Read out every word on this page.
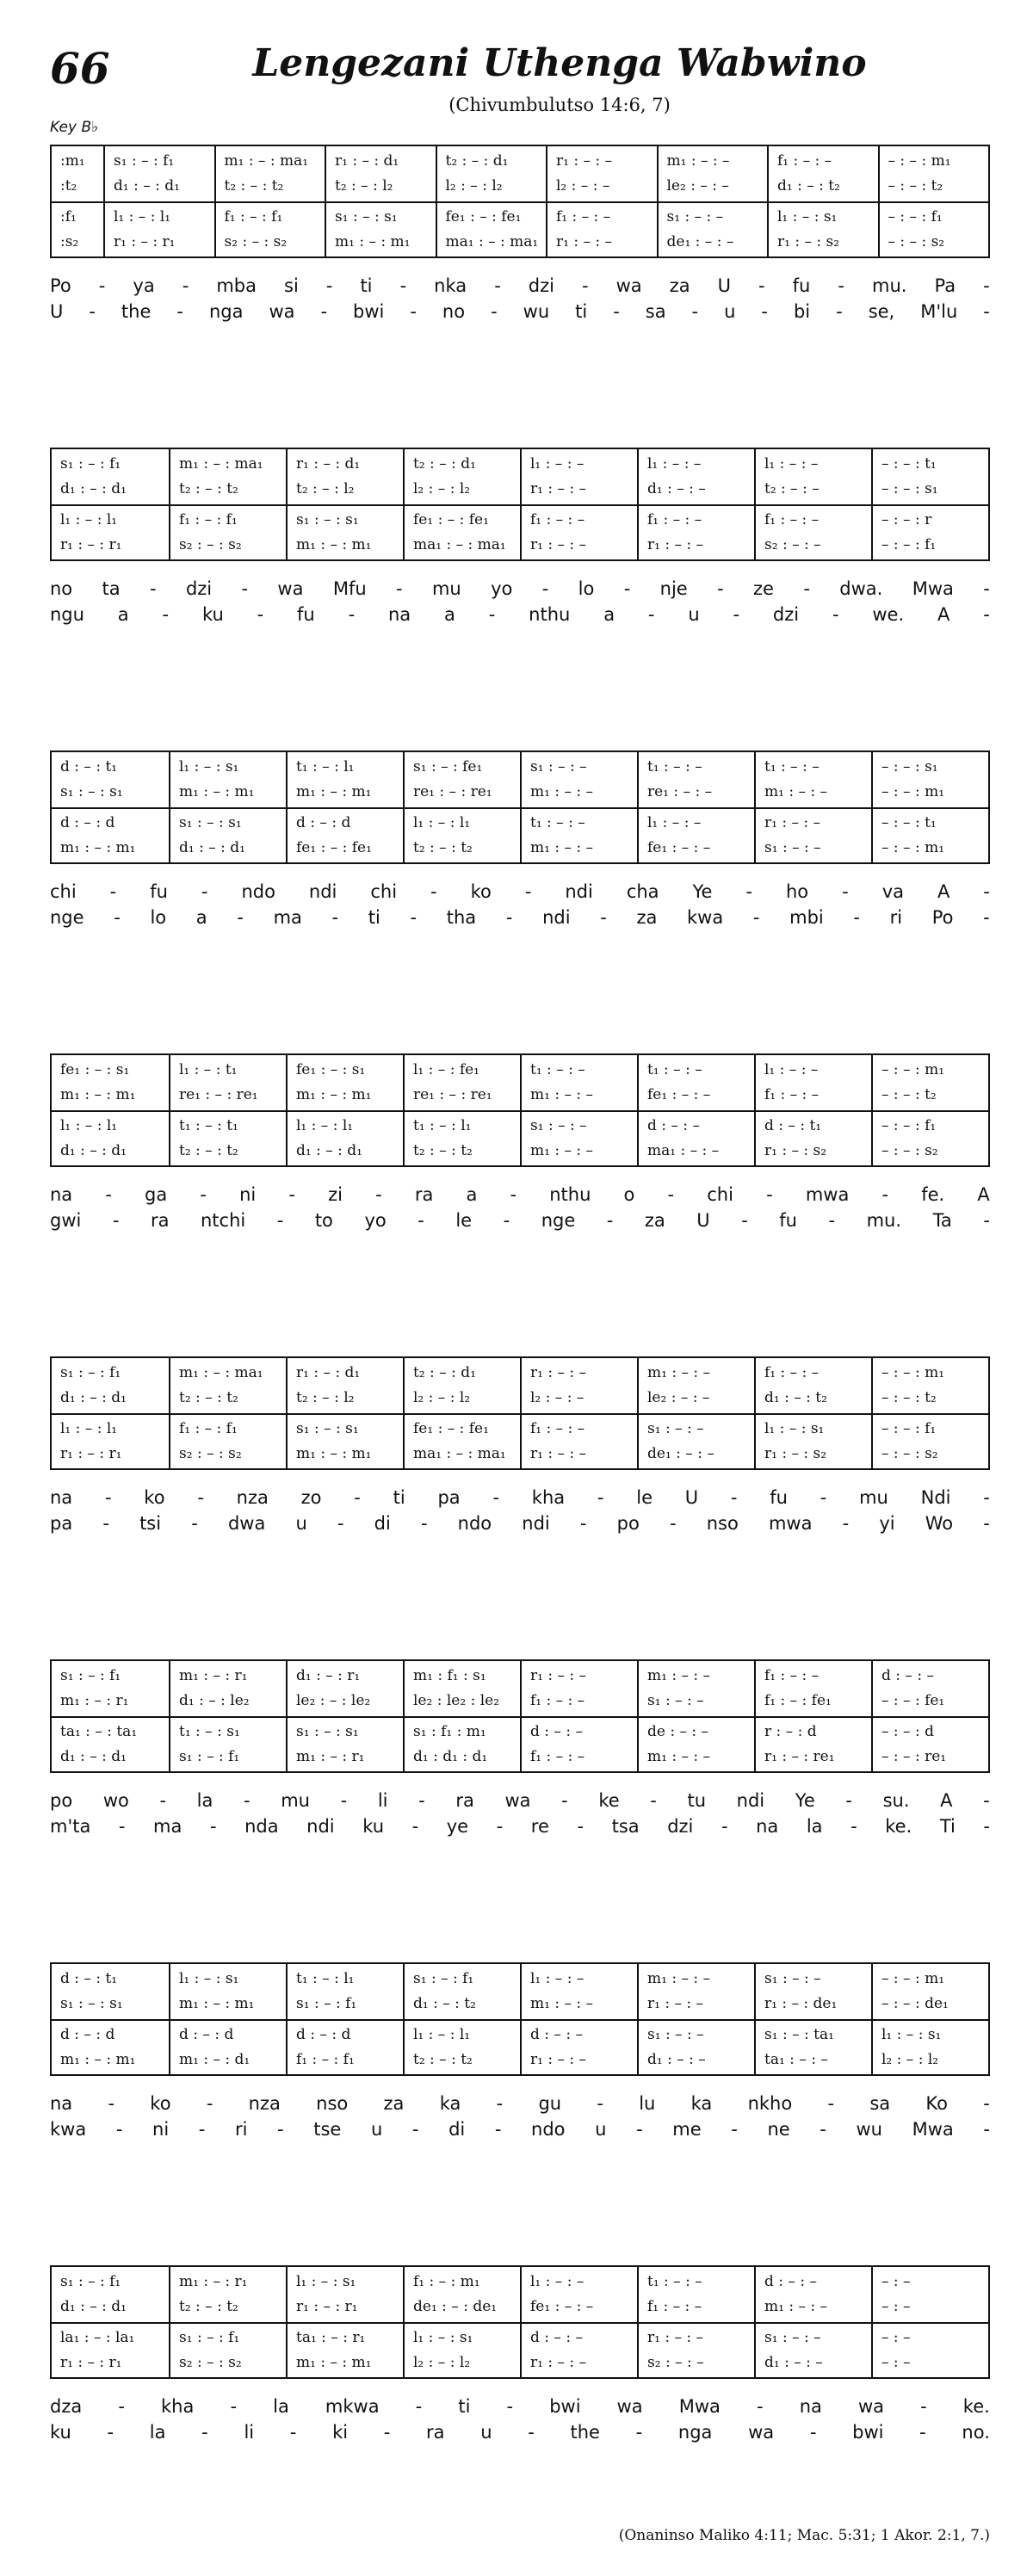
66	Lengezani Uthenga Wabwino
(Chivumbulutso 14:6, 7)
Key B♭
:m₁
:t₂
:f₁
:s₂
s₁ : – : f₁
d₁ : – : d₁
l₁ : – : l₁
r₁ : – : r₁
m₁ : – : ma₁
t₂ : – : t₂
f₁ : – : f₁
s₂ : – : s₂
r₁ : – : d₁
t₂ : – : l₂
s₁ : – : s₁
m₁ : – : m₁
t₂ : – : d₁
l₂ : – : l₂
fe₁ : – : fe₁
ma₁ : – : ma₁
r₁ : – : –
l₂ : – : –
f₁ : – : –
r₁ : – : –
m₁ : – : –
le₂ : – : –
s₁ : – : –
de₁ : – : –
f₁ : – : –
d₁ : – : t₂
l₁ : – : s₁
r₁ : – : s₂
– : – : m₁
– : – : t₂
– : – : f₁
– : – : s₂
Po - ya - mba si - ti - nka - dzi - wa za U - fu - mu. Pa -
U - the - nga wa - bwi - no - wu ti - sa - u - bi - se, M'lu -
s₁ : – : f₁
d₁ : – : d₁
l₁ : – : l₁
r₁ : – : r₁
m₁ : – : ma₁
t₂ : – : t₂
f₁ : – : f₁
s₂ : – : s₂
r₁ : – : d₁
t₂ : – : l₂
s₁ : – : s₁
m₁ : – : m₁
t₂ : – : d₁
l₂ : – : l₂
fe₁ : – : fe₁
ma₁ : – : ma₁
l₁ : – : –
r₁ : – : –
f₁ : – : –
r₁ : – : –
l₁ : – : –
d₁ : – : –
f₁ : – : –
r₁ : – : –
l₁ : – : –
t₂ : – : –
f₁ : – : –
s₂ : – : –
– : – : t₁
– : – : s₁
– : – : r
– : – : f₁
no ta - dzi - wa Mfu - mu yo - lo - nje - ze - dwa. Mwa -
ngu a - ku - fu - na a - nthu a - u - dzi - we. A -
d : – : t₁
s₁ : – : s₁
d : – : d
m₁ : – : m₁
l₁ : – : s₁
m₁ : – : m₁
s₁ : – : s₁
d₁ : – : d₁
t₁ : – : l₁
m₁ : – : m₁
d : – : d
fe₁ : – : fe₁
s₁ : – : fe₁
re₁ : – : re₁
l₁ : – : l₁
t₂ : – : t₂
s₁ : – : –
m₁ : – : –
t₁ : – : –
m₁ : – : –
t₁ : – : –
re₁ : – : –
l₁ : – : –
fe₁ : – : –
t₁ : – : –
m₁ : – : –
r₁ : – : –
s₁ : – : –
– : – : s₁
– : – : m₁
– : – : t₁
– : – : m₁
chi - fu - ndo ndi chi - ko - ndi cha Ye - ho - va A -
nge - lo a - ma - ti - tha - ndi - za kwa - mbi - ri Po -
fe₁ : – : s₁
m₁ : – : m₁
l₁ : – : l₁
d₁ : – : d₁
l₁ : – : t₁
re₁ : – : re₁
t₁ : – : t₁
t₂ : – : t₂
fe₁ : – : s₁
m₁ : – : m₁
l₁ : – : l₁
d₁ : – : d₁
l₁ : – : fe₁
re₁ : – : re₁
t₁ : – : l₁
t₂ : – : t₂
t₁ : – : –
m₁ : – : –
s₁ : – : –
m₁ : – : –
t₁ : – : –
fe₁ : – : –
d : – : –
ma₁ : – : –
l₁ : – : –
f₁ : – : –
d : – : t₁
r₁ : – : s₂
– : – : m₁
– : – : t₂
– : – : f₁
– : – : s₂
na - ga - ni - zi - ra a - nthu o - chi - mwa - fe. A
gwi - ra ntchi - to yo - le - nge - za U - fu - mu. Ta -
s₁ : – : f₁
d₁ : – : d₁
l₁ : – : l₁
r₁ : – : r₁
m₁ : – : ma₁
t₂ : – : t₂
f₁ : – : f₁
s₂ : – : s₂
r₁ : – : d₁
t₂ : – : l₂
s₁ : – : s₁
m₁ : – : m₁
t₂ : – : d₁
l₂ : – : l₂
fe₁ : – : fe₁
ma₁ : – : ma₁
r₁ : – : –
l₂ : – : –
f₁ : – : –
r₁ : – : –
m₁ : – : –
le₂ : – : –
s₁ : – : –
de₁ : – : –
f₁ : – : –
d₁ : – : t₂
l₁ : – : s₁
r₁ : – : s₂
– : – : m₁
– : – : t₂
– : – : f₁
– : – : s₂
na - ko - nza zo - ti pa - kha - le U - fu - mu Ndi -
pa - tsi - dwa u - di - ndo ndi - po - nso mwa - yi Wo -
s₁ : – : f₁
m₁ : – : r₁
ta₁ : – : ta₁
d₁ : – : d₁
m₁ : – : r₁
d₁ : – : le₂
t₁ : – : s₁
s₁ : – : f₁
d₁ : – : r₁
le₂ : – : le₂
s₁ : – : s₁
m₁ : – : r₁
m₁ : f₁ : s₁
le₂ : le₂ : le₂
s₁ : f₁ : m₁
d₁ : d₁ : d₁
r₁ : – : –
f₁ : – : –
d : – : –
f₁ : – : –
m₁ : – : –
s₁ : – : –
de : – : –
m₁ : – : –
f₁ : – : –
f₁ : – : fe₁
r : – : d
r₁ : – : re₁
d : – : –
– : – : fe₁
– : – : d
– : – : re₁
po wo - la - mu - li - ra wa - ke - tu ndi Ye - su. A -
m'ta - ma - nda ndi ku - ye - re - tsa dzi - na la - ke. Ti -
d : – : t₁
s₁ : – : s₁
d : – : d
m₁ : – : m₁
l₁ : – : s₁
m₁ : – : m₁
d : – : d
m₁ : – : d₁
t₁ : – : l₁
s₁ : – : f₁
d : – : d
f₁ : – : f₁
s₁ : – : f₁
d₁ : – : t₂
l₁ : – : l₁
t₂ : – : t₂
l₁ : – : –
m₁ : – : –
d : – : –
r₁ : – : –
m₁ : – : –
r₁ : – : –
s₁ : – : –
d₁ : – : –
s₁ : – : –
r₁ : – : de₁
s₁ : – : ta₁
ta₁ : – : –
– : – : m₁
– : – : de₁
l₁ : – : s₁
l₂ : – : l₂
na - ko - nza nso za ka - gu - lu ka nkho - sa Ko -
kwa - ni - ri - tse u - di - ndo u - me - ne - wu Mwa -
s₁ : – : f₁
d₁ : – : d₁
la₁ : – : la₁
r₁ : – : r₁
m₁ : – : r₁
t₂ : – : t₂
s₁ : – : f₁
s₂ : – : s₂
l₁ : – : s₁
r₁ : – : r₁
ta₁ : – : r₁
m₁ : – : m₁
f₁ : – : m₁
de₁ : – : de₁
l₁ : – : s₁
l₂ : – : l₂
l₁ : – : –
fe₁ : – : –
d : – : –
r₁ : – : –
t₁ : – : –
f₁ : – : –
r₁ : – : –
s₂ : – : –
d : – : –
m₁ : – : –
s₁ : – : –
d₁ : – : –
– : –
– : –
– : –
– : –
dza - kha - la mkwa - ti - bwi wa Mwa - na wa - ke.
ku - la - li - ki - ra u - the - nga wa - bwi - no.
(Onaninso Maliko 4:11; Mac. 5:31; 1 Akor. 2:1, 7.)
